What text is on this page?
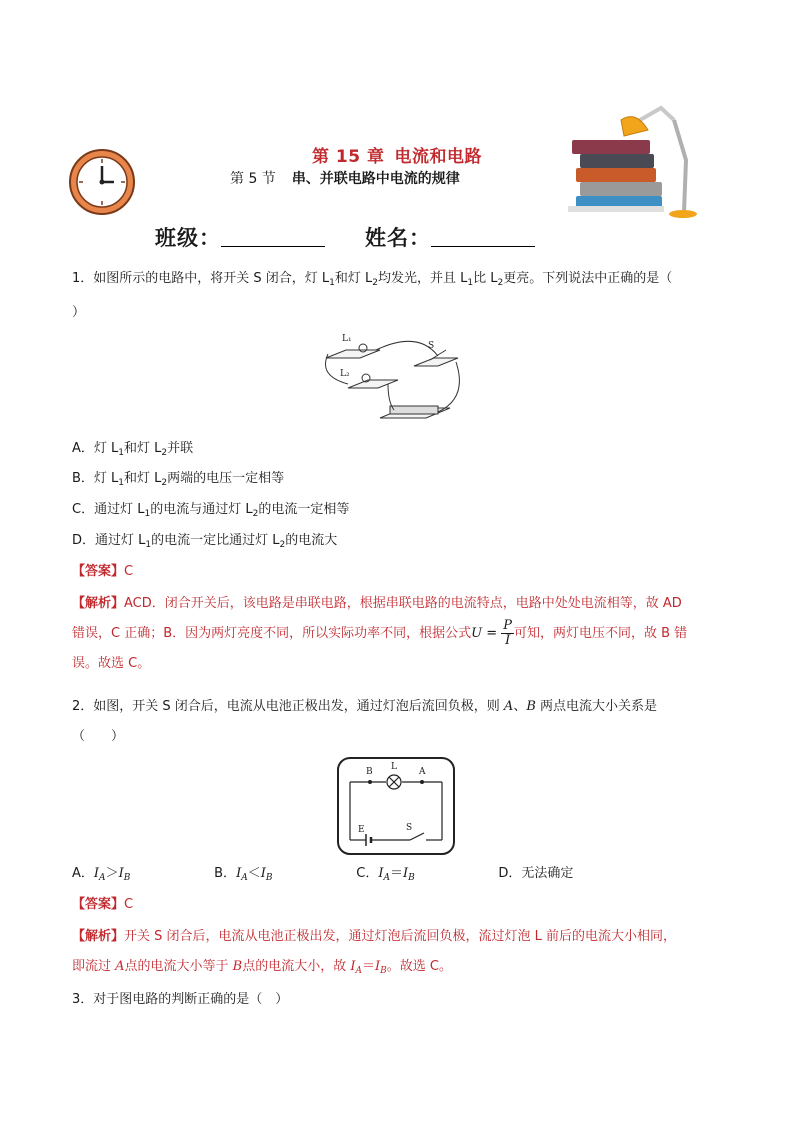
第 15 章 电流和电路
第 5 节 串、并联电路中电流的规律
班级：	姓名：
1．如图所示的电路中，将开关 S 闭合，灯 $L_1$和灯 $L_2$均发光，并且 $L_1$比 $L_2$更亮。下列说法中正确的是（
）
L₁
L₂
S
A．灯 $L_1$和灯 $L_2$并联
B．灯 $L_1$和灯 $L_2$两端的电压一定相等
C．通过灯 $L_1$的电流与通过灯 $L_2$的电流一定相等
D．通过灯 $L_1$的电流一定比通过灯 $L_2$的电流大
【答案】C
【解析】ACD．闭合开关后，该电路是串联电路，根据串联电路的电流特点，电路中处处电流相等，故 AD
错误，C 正确；B．因为两灯亮度不同，所以实际功率不同，根据公式$U = \frac{P}{I}$ 可知，两灯电压不同，故 B 错
误。故选 C。
2．如图，开关 S 闭合后，电流从电池正极出发，通过灯泡后流回负极，则 A、B 两点电流大小关系是
（　　）
B L A
E	S
A．IA＞IB	B．IA＜IB	C．IA＝IB	D．无法确定
【答案】C
【解析】开关 S 闭合后，电流从电池正极出发，通过灯泡后流回负极，流过灯泡 L 前后的电流大小相同，
即流过 A点的电流大小等于 B点的电流大小，故 $I_A=I_B$。故选 C。
3．对于图电路的判断正确的是（　）
